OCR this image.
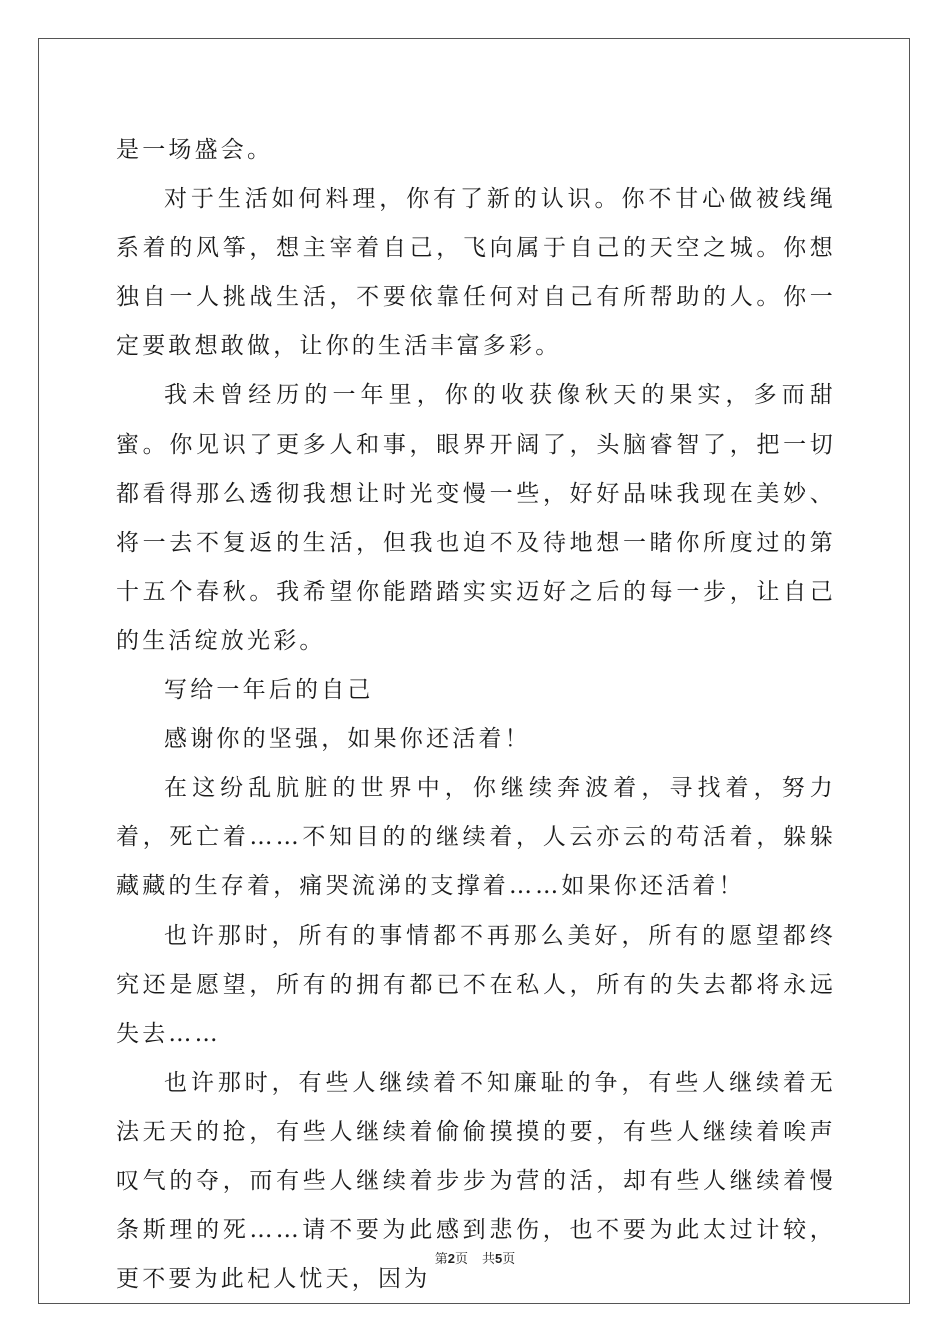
是一场盛会。

对于生活如何料理，你有了新的认识。你不甘心做被线绳系着的风筝，想主宰着自己，飞向属于自己的天空之城。你想独自一人挑战生活，不要依靠任何对自己有所帮助的人。你一定要敢想敢做，让你的生活丰富多彩。

我未曾经历的一年里，你的收获像秋天的果实，多而甜蜜。你见识了更多人和事，眼界开阔了，头脑睿智了，把一切都看得那么透彻我想让时光变慢一些，好好品味我现在美妙、将一去不复返的生活，但我也迫不及待地想一睹你所度过的第十五个春秋。我希望你能踏踏实实迈好之后的每一步，让自己的生活绽放光彩。

写给一年后的自己

感谢你的坚强，如果你还活着！

在这纷乱肮脏的世界中，你继续奔波着，寻找着，努力着，死亡着……不知目的的继续着，人云亦云的苟活着，躲躲藏藏的生存着，痛哭流涕的支撑着……如果你还活着！

也许那时，所有的事情都不再那么美好，所有的愿望都终究还是愿望，所有的拥有都已不在私人，所有的失去都将永远失去……

也许那时，有些人继续着不知廉耻的争，有些人继续着无法无天的抢，有些人继续着偷偷摸摸的要，有些人继续着唉声叹气的夺，而有些人继续着步步为营的活，却有些人继续着慢条斯理的死……请不要为此感到悲伤，也不要为此太过计较，更不要为此杞人忧天，因为

第2页 共5页
